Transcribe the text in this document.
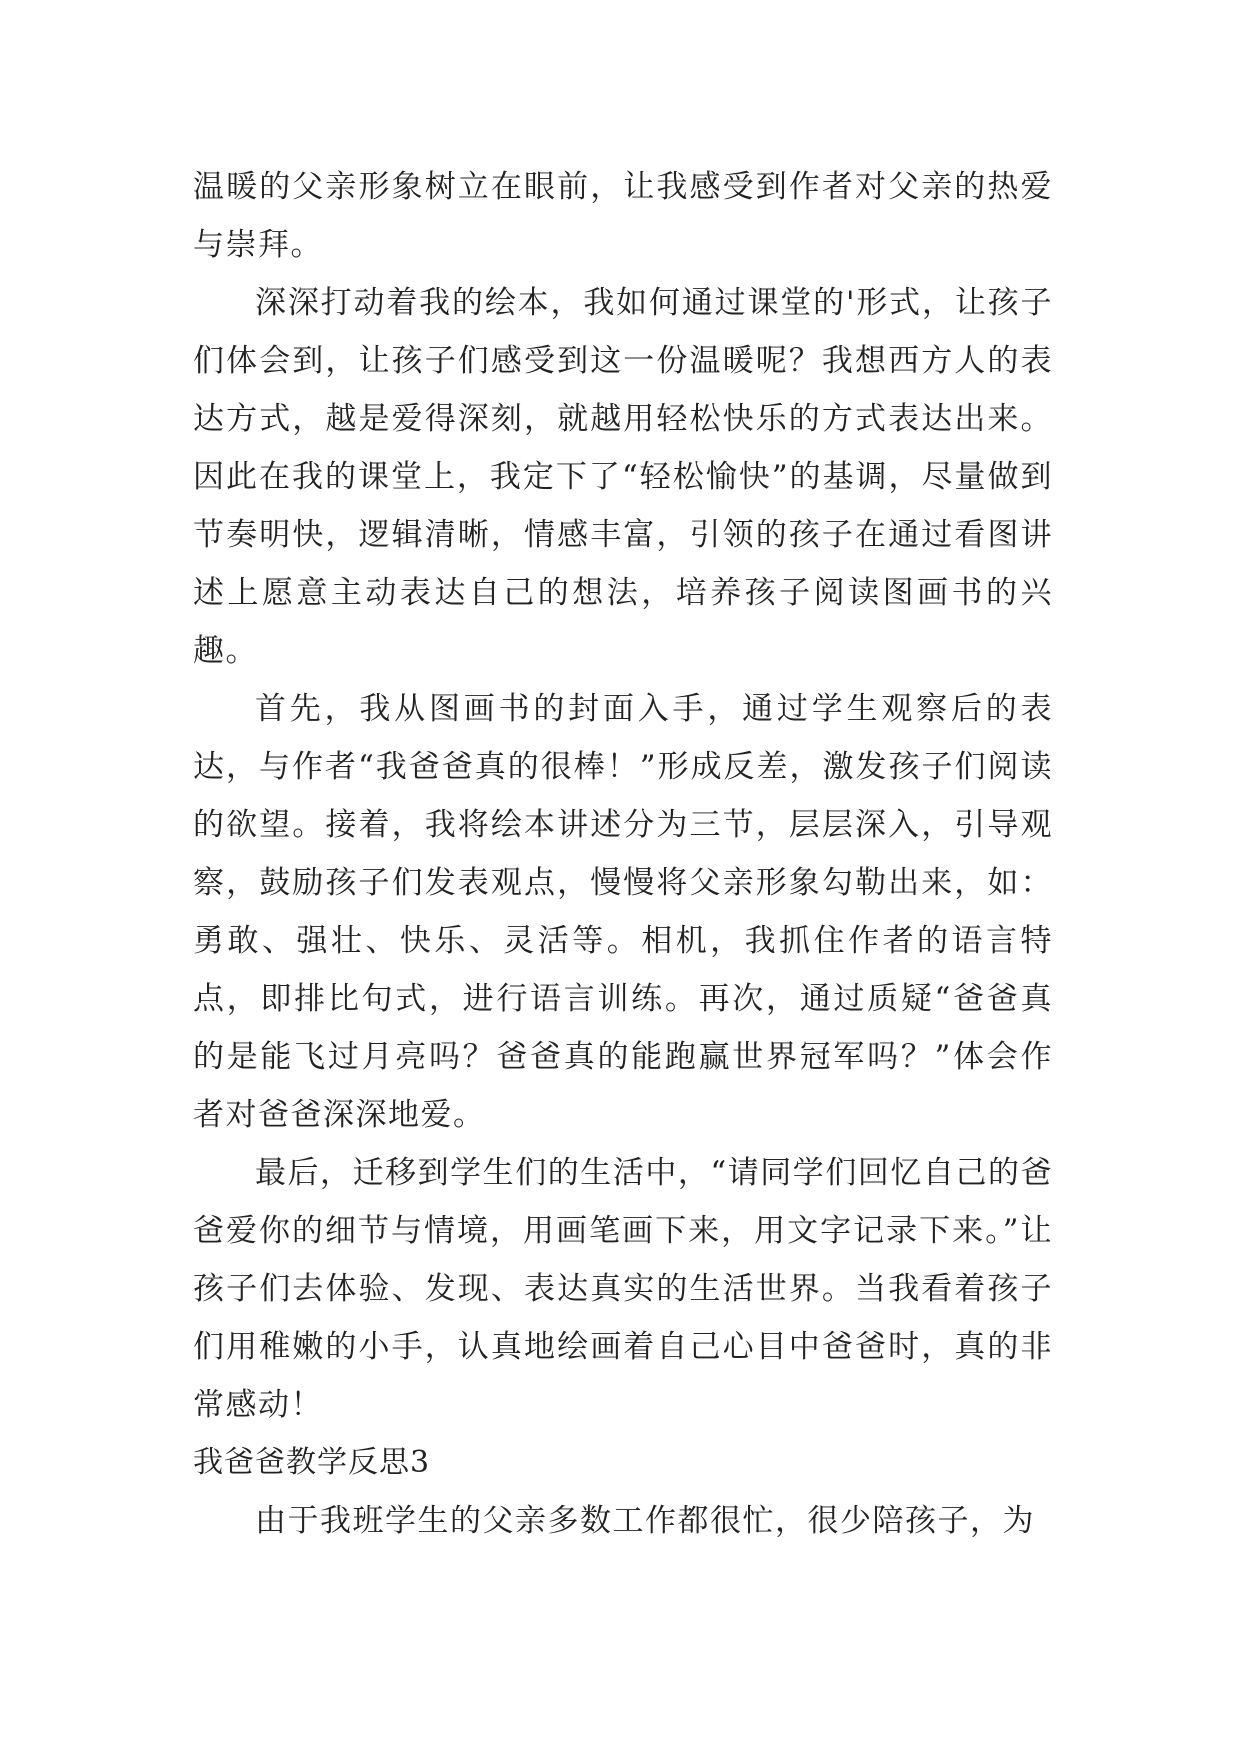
温暖的父亲形象树立在眼前，让我感受到作者对父亲的热爱与崇拜。

深深打动着我的绘本，我如何通过课堂的'形式，让孩子们体会到，让孩子们感受到这一份温暖呢？我想西方人的表达方式，越是爱得深刻，就越用轻松快乐的方式表达出来。因此在我的课堂上，我定下了“轻松愉快”的基调，尽量做到节奏明快，逻辑清晰，情感丰富，引领的孩子在通过看图讲述上愿意主动表达自己的想法，培养孩子阅读图画书的兴趣。

首先，我从图画书的封面入手，通过学生观察后的表达，与作者“我爸爸真的很棒！”形成反差，激发孩子们阅读的欲望。接着，我将绘本讲述分为三节，层层深入，引导观察，鼓励孩子们发表观点，慢慢将父亲形象勾勒出来，如：勇敢、强壮、快乐、灵活等。相机，我抓住作者的语言特点，即排比句式，进行语言训练。再次，通过质疑“爸爸真的是能飞过月亮吗？爸爸真的能跑赢世界冠军吗？”体会作者对爸爸深深地爱。

最后，迁移到学生们的生活中，“请同学们回忆自己的爸爸爱你的细节与情境，用画笔画下来，用文字记录下来。”让孩子们去体验、发现、表达真实的生活世界。当我看着孩子们用稚嫩的小手，认真地绘画着自己心目中爸爸时，真的非常感动！

我爸爸教学反思3

由于我班学生的父亲多数工作都很忙，很少陪孩子，为
